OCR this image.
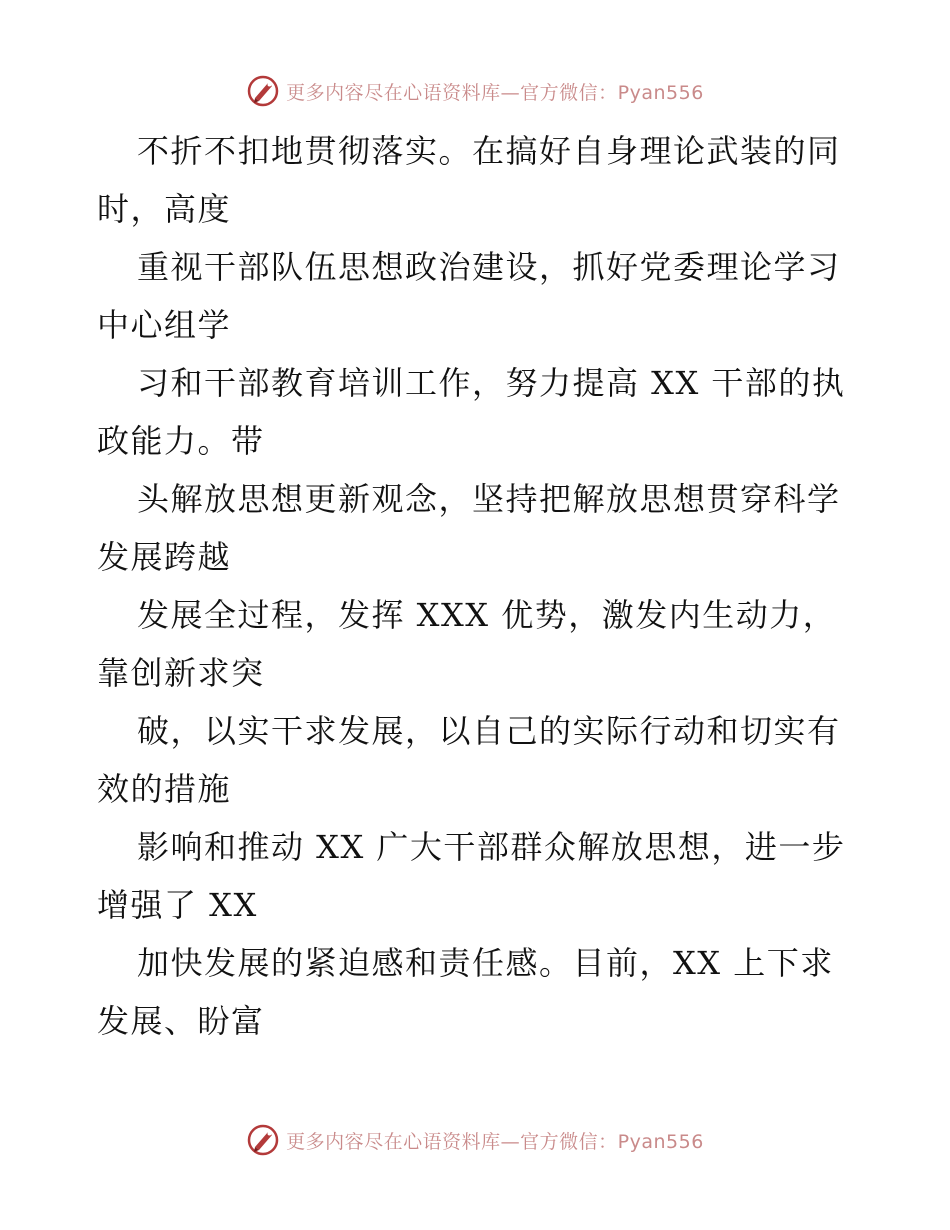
更多内容尽在心语资料库—官方微信：Pyan556

不折不扣地贯彻落实。在搞好自身理论武装的同
时，高度

重视干部队伍思想政治建设，抓好党委理论学习
中心组学

习和干部教育培训工作，努力提高 XX 干部的执
政能力。带

头解放思想更新观念，坚持把解放思想贯穿科学
发展跨越

发展全过程，发挥 XXX 优势，激发内生动力，
靠创新求突

破，以实干求发展，以自己的实际行动和切实有
效的措施

影响和推动 XX 广大干部群众解放思想，进一步
增强了 XX

加快发展的紧迫感和责任感。目前，XX 上下求
发展、盼富

更多内容尽在心语资料库—官方微信：Pyan556
